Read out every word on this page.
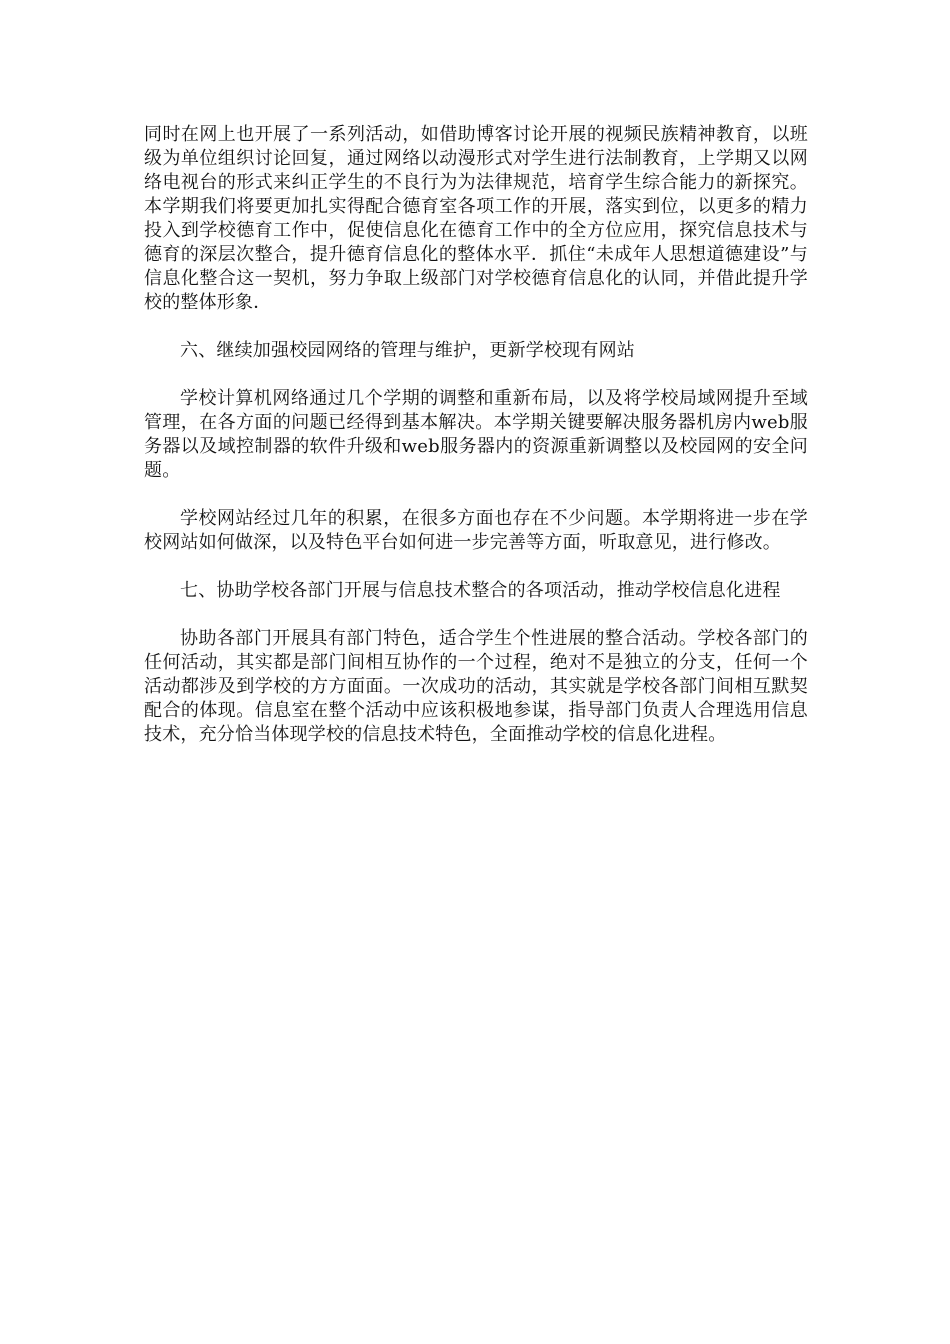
同时在网上也开展了一系列活动，如借助博客讨论开展的视频民族精神教育，以班级为单位组织讨论回复，通过网络以动漫形式对学生进行法制教育，上学期又以网络电视台的形式来纠正学生的不良行为为法律规范，培育学生综合能力的新探究。本学期我们将要更加扎实得配合德育室各项工作的开展，落实到位，以更多的精力投入到学校德育工作中，促使信息化在德育工作中的全方位应用，探究信息技术与德育的深层次整合，提升德育信息化的整体水平．抓住“未成年人思想道德建设”与信息化整合这一契机，努力争取上级部门对学校德育信息化的认同，并借此提升学校的整体形象．

六、继续加强校园网络的管理与维护，更新学校现有网站

学校计算机网络通过几个学期的调整和重新布局，以及将学校局域网提升至域管理，在各方面的问题已经得到基本解决。本学期关键要解决服务器机房内web服务器以及域控制器的软件升级和web服务器内的资源重新调整以及校园网的安全问题。

学校网站经过几年的积累，在很多方面也存在不少问题。本学期将进一步在学校网站如何做深，以及特色平台如何进一步完善等方面，听取意见，进行修改。

七、协助学校各部门开展与信息技术整合的各项活动，推动学校信息化进程

协助各部门开展具有部门特色，适合学生个性进展的整合活动。学校各部门的任何活动，其实都是部门间相互协作的一个过程，绝对不是独立的分支，任何一个活动都涉及到学校的方方面面。一次成功的活动，其实就是学校各部门间相互默契配合的体现。信息室在整个活动中应该积极地参谋，指导部门负责人合理选用信息技术，充分恰当体现学校的信息技术特色，全面推动学校的信息化进程。
